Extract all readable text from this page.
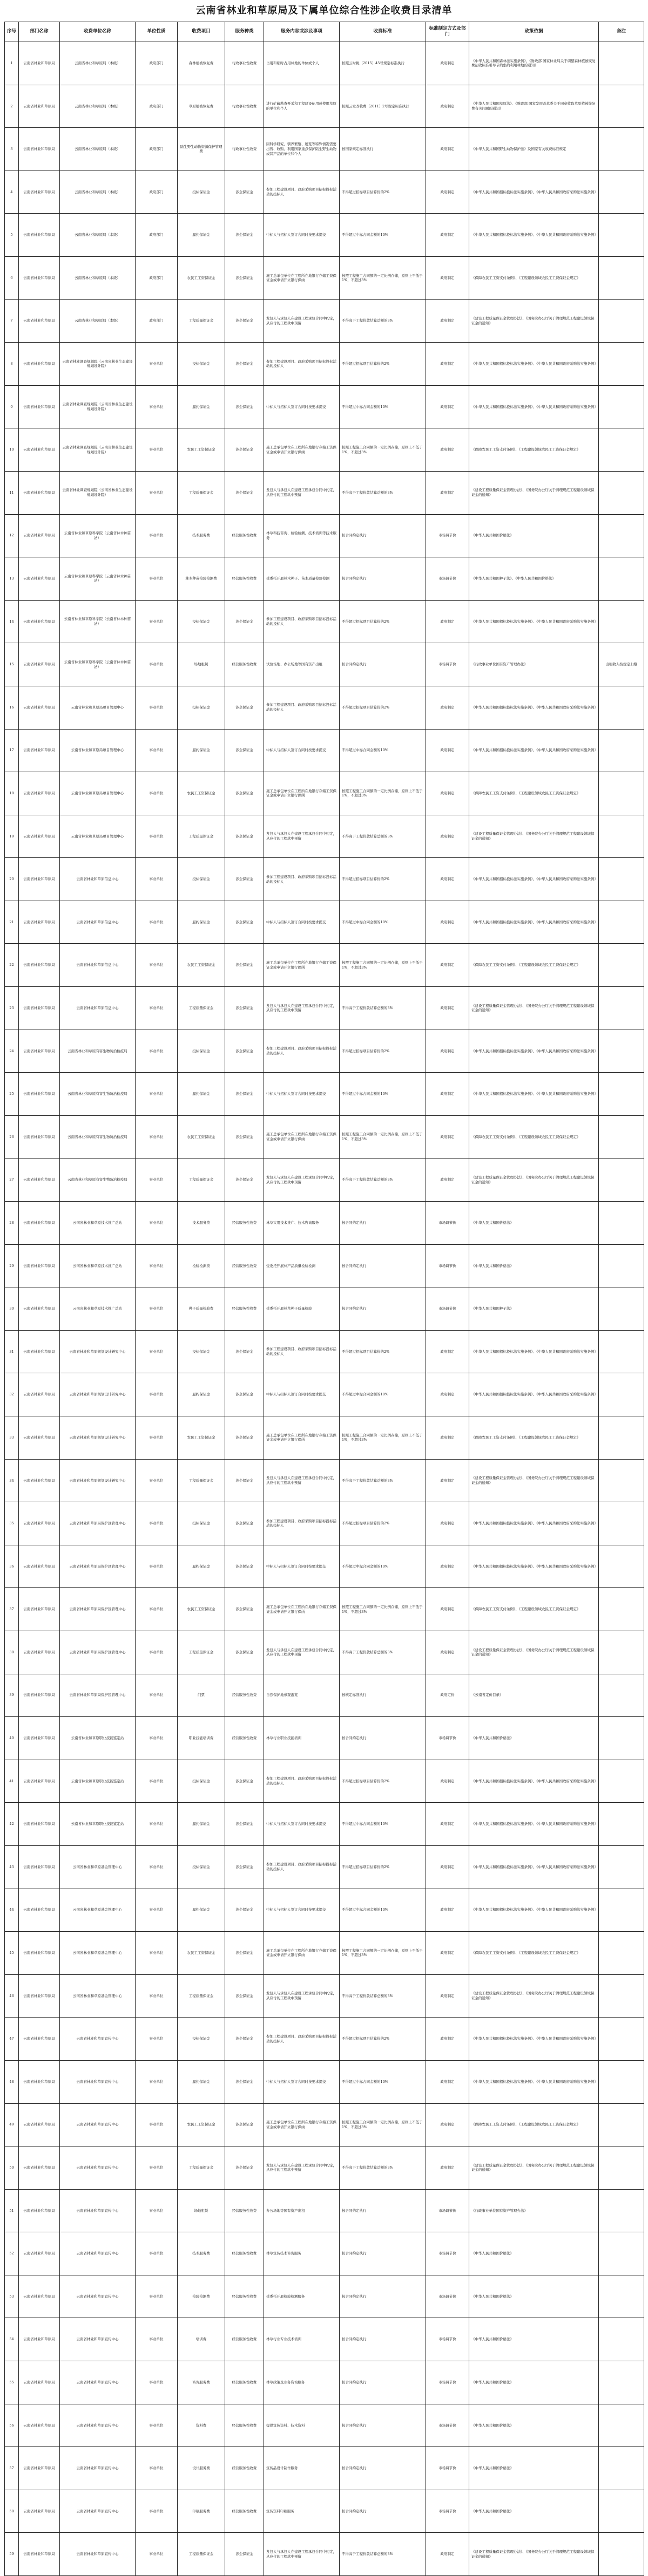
云南省林业和草原局及下属单位综合性涉企收费目录清单
序号	部门名称	收费单位名称	单位性质	收费项目	服务种类	服务内容或涉及事项	收费标准	标准制定方式及部门	政策依据	备注
1	云南省林业和草原局	云南省林业和草原局（本级）	政府部门	森林植被恢复费	行政事业性收费	占用和临时占用林地的单位或个人	按照云财税〔2015〕45号规定标准执行	政府制定	《中华人民共和国森林法实施条例》、《财政部 国家林业局关于调整森林植被恢复费征收标准引导节约集约利用林地的通知》	
2	云南省林业和草原局	云南省林业和草原局（本级）	政府部门	草原植被恢复费	行政事业性收费	进行矿藏勘查开采和工程建设征用或使用草原的单位和个人	按照云发改收费〔2011〕2号规定标准执行	政府制定	《中华人民共和国草原法》、《财政部 国家发展改革委关于同意收取草原植被恢复费有关问题的通知》	
3	云南省林业和草原局	云南省林业和草原局（本级）	政府部门	陆生野生动物资源保护管理费	行政事业性收费	因科学研究、驯养繁殖、展览等特殊情况需要出售、收购、利用国家重点保护陆生野生动物或其产品的单位和个人	按国家规定标准执行	政府制定	《中华人民共和国野生动物保护法》及国家有关收费标准规定	
4	云南省林业和草原局	云南省林业和草原局（本级）	政府部门	投标保证金	涉企保证金	参加工程建设项目、政府采购项目招标投标活动的投标人	不得超过招标项目估算价的2%	政府制定	《中华人民共和国招标投标法实施条例》、《中华人民共和国政府采购法实施条例》	
5	云南省林业和草原局	云南省林业和草原局（本级）	政府部门	履约保证金	涉企保证金	中标人与招标人签订合同时按要求提交	不得超过中标合同金额的10%	政府制定	《中华人民共和国招标投标法实施条例》、《中华人民共和国政府采购法实施条例》	
6	云南省林业和草原局	云南省林业和草原局（本级）	政府部门	农民工工资保证金	涉企保证金	施工总承包单位在工程所在地银行存储工资保证金或申请开立银行保函	按照工程施工合同额的一定比例存储，原则上不低于1%，不超过3%	政府制定	《保障农民工工资支付条例》、《工程建设领域农民工工资保证金规定》	
7	云南省林业和草原局	云南省林业和草原局（本级）	政府部门	工程质量保证金	涉企保证金	发包人与承包人在建设工程承包合同中约定，从应付的工程款中预留	不得高于工程价款结算总额的3%	政府制定	《建设工程质量保证金管理办法》、《国务院办公厅关于清理规范工程建设领域保证金的通知》	
8	云南省林业和草原局	云南省林业调查规划院（云南省林业生态建设规划设计院）	事业单位	投标保证金	涉企保证金	参加工程建设项目、政府采购项目招标投标活动的投标人	不得超过招标项目估算价的2%	政府制定	《中华人民共和国招标投标法实施条例》、《中华人民共和国政府采购法实施条例》	
9	云南省林业和草原局	云南省林业调查规划院（云南省林业生态建设规划设计院）	事业单位	履约保证金	涉企保证金	中标人与招标人签订合同时按要求提交	不得超过中标合同金额的10%	政府制定	《中华人民共和国招标投标法实施条例》、《中华人民共和国政府采购法实施条例》	
10	云南省林业和草原局	云南省林业调查规划院（云南省林业生态建设规划设计院）	事业单位	农民工工资保证金	涉企保证金	施工总承包单位在工程所在地银行存储工资保证金或申请开立银行保函	按照工程施工合同额的一定比例存储，原则上不低于1%，不超过3%	政府制定	《保障农民工工资支付条例》、《工程建设领域农民工工资保证金规定》	
11	云南省林业和草原局	云南省林业调查规划院（云南省林业生态建设规划设计院）	事业单位	工程质量保证金	涉企保证金	发包人与承包人在建设工程承包合同中约定，从应付的工程款中预留	不得高于工程价款结算总额的3%	政府制定	《建设工程质量保证金管理办法》、《国务院办公厅关于清理规范工程建设领域保证金的通知》	
12	云南省林业和草原局	云南省林业和草原科学院（云南省林木种苗站）	事业单位	技术服务费	经营服务性收费	林草科技咨询、检验检测、技术培训等技术服务	按合同约定执行	市场调节价	《中华人民共和国价格法》	
13	云南省林业和草原局	云南省林业和草原科学院（云南省林木种苗站）	事业单位	林木种苗检验检测费	经营服务性收费	受委托开展林木种子、苗木质量检验检测	按合同约定执行	市场调节价	《中华人民共和国种子法》、《中华人民共和国价格法》	
14	云南省林业和草原局	云南省林业和草原科学院（云南省林木种苗站）	事业单位	投标保证金	涉企保证金	参加工程建设项目、政府采购项目招标投标活动的投标人	不得超过招标项目估算价的2%	政府制定	《中华人民共和国招标投标法实施条例》、《中华人民共和国政府采购法实施条例》	
15	云南省林业和草原局	云南省林业和草原科学院（云南省林木种苗站）	事业单位	场地租赁	经营服务性收费	试验场地、办公场地等国有资产出租	按合同约定执行	市场调节价	《行政事业单位国有资产管理办法》	出租收入按规定上缴
16	云南省林业和草原局	云南省林业和草原局项目管理中心	事业单位	投标保证金	涉企保证金	参加工程建设项目、政府采购项目招标投标活动的投标人	不得超过招标项目估算价的2%	政府制定	《中华人民共和国招标投标法实施条例》、《中华人民共和国政府采购法实施条例》	
17	云南省林业和草原局	云南省林业和草原局项目管理中心	事业单位	履约保证金	涉企保证金	中标人与招标人签订合同时按要求提交	不得超过中标合同金额的10%	政府制定	《中华人民共和国招标投标法实施条例》、《中华人民共和国政府采购法实施条例》	
18	云南省林业和草原局	云南省林业和草原局项目管理中心	事业单位	农民工工资保证金	涉企保证金	施工总承包单位在工程所在地银行存储工资保证金或申请开立银行保函	按照工程施工合同额的一定比例存储，原则上不低于1%，不超过3%	政府制定	《保障农民工工资支付条例》、《工程建设领域农民工工资保证金规定》	
19	云南省林业和草原局	云南省林业和草原局项目管理中心	事业单位	工程质量保证金	涉企保证金	发包人与承包人在建设工程承包合同中约定，从应付的工程款中预留	不得高于工程价款结算总额的3%	政府制定	《建设工程质量保证金管理办法》、《国务院办公厅关于清理规范工程建设领域保证金的通知》	
20	云南省林业和草原局	云南省林业和草原信息中心	事业单位	投标保证金	涉企保证金	参加工程建设项目、政府采购项目招标投标活动的投标人	不得超过招标项目估算价的2%	政府制定	《中华人民共和国招标投标法实施条例》、《中华人民共和国政府采购法实施条例》	
21	云南省林业和草原局	云南省林业和草原信息中心	事业单位	履约保证金	涉企保证金	中标人与招标人签订合同时按要求提交	不得超过中标合同金额的10%	政府制定	《中华人民共和国招标投标法实施条例》、《中华人民共和国政府采购法实施条例》	
22	云南省林业和草原局	云南省林业和草原信息中心	事业单位	农民工工资保证金	涉企保证金	施工总承包单位在工程所在地银行存储工资保证金或申请开立银行保函	按照工程施工合同额的一定比例存储，原则上不低于1%，不超过3%	政府制定	《保障农民工工资支付条例》、《工程建设领域农民工工资保证金规定》	
23	云南省林业和草原局	云南省林业和草原信息中心	事业单位	工程质量保证金	涉企保证金	发包人与承包人在建设工程承包合同中约定，从应付的工程款中预留	不得高于工程价款结算总额的3%	政府制定	《建设工程质量保证金管理办法》、《国务院办公厅关于清理规范工程建设领域保证金的通知》	
24	云南省林业和草原局	云南省林业和草原有害生物防治检疫局	事业单位	投标保证金	涉企保证金	参加工程建设项目、政府采购项目招标投标活动的投标人	不得超过招标项目估算价的2%	政府制定	《中华人民共和国招标投标法实施条例》、《中华人民共和国政府采购法实施条例》	
25	云南省林业和草原局	云南省林业和草原有害生物防治检疫局	事业单位	履约保证金	涉企保证金	中标人与招标人签订合同时按要求提交	不得超过中标合同金额的10%	政府制定	《中华人民共和国招标投标法实施条例》、《中华人民共和国政府采购法实施条例》	
26	云南省林业和草原局	云南省林业和草原有害生物防治检疫局	事业单位	农民工工资保证金	涉企保证金	施工总承包单位在工程所在地银行存储工资保证金或申请开立银行保函	按照工程施工合同额的一定比例存储，原则上不低于1%，不超过3%	政府制定	《保障农民工工资支付条例》、《工程建设领域农民工工资保证金规定》	
27	云南省林业和草原局	云南省林业和草原有害生物防治检疫局	事业单位	工程质量保证金	涉企保证金	发包人与承包人在建设工程承包合同中约定，从应付的工程款中预留	不得高于工程价款结算总额的3%	政府制定	《建设工程质量保证金管理办法》、《国务院办公厅关于清理规范工程建设领域保证金的通知》	
28	云南省林业和草原局	云南省林业和草原技术推广总站	事业单位	技术服务费	经营服务性收费	林草实用技术推广、技术咨询服务	按合同约定执行	市场调节价	《中华人民共和国价格法》	
29	云南省林业和草原局	云南省林业和草原技术推广总站	事业单位	检验检测费	经营服务性收费	受委托开展林产品质量检验检测	按合同约定执行	市场调节价	《中华人民共和国价格法》	
30	云南省林业和草原局	云南省林业和草原技术推广总站	事业单位	种子质量检验费	经营服务性收费	受委托开展林草种子质量检验	按合同约定执行	市场调节价	《中华人民共和国种子法》	
31	云南省林业和草原局	云南省林业和草原规划设计研究中心	事业单位	投标保证金	涉企保证金	参加工程建设项目、政府采购项目招标投标活动的投标人	不得超过招标项目估算价的2%	政府制定	《中华人民共和国招标投标法实施条例》、《中华人民共和国政府采购法实施条例》	
32	云南省林业和草原局	云南省林业和草原规划设计研究中心	事业单位	履约保证金	涉企保证金	中标人与招标人签订合同时按要求提交	不得超过中标合同金额的10%	政府制定	《中华人民共和国招标投标法实施条例》、《中华人民共和国政府采购法实施条例》	
33	云南省林业和草原局	云南省林业和草原规划设计研究中心	事业单位	农民工工资保证金	涉企保证金	施工总承包单位在工程所在地银行存储工资保证金或申请开立银行保函	按照工程施工合同额的一定比例存储，原则上不低于1%，不超过3%	政府制定	《保障农民工工资支付条例》、《工程建设领域农民工工资保证金规定》	
34	云南省林业和草原局	云南省林业和草原规划设计研究中心	事业单位	工程质量保证金	涉企保证金	发包人与承包人在建设工程承包合同中约定，从应付的工程款中预留	不得高于工程价款结算总额的3%	政府制定	《建设工程质量保证金管理办法》、《国务院办公厅关于清理规范工程建设领域保证金的通知》	
35	云南省林业和草原局	云南省林业和草原局保护区管理中心	事业单位	投标保证金	涉企保证金	参加工程建设项目、政府采购项目招标投标活动的投标人	不得超过招标项目估算价的2%	政府制定	《中华人民共和国招标投标法实施条例》、《中华人民共和国政府采购法实施条例》	
36	云南省林业和草原局	云南省林业和草原局保护区管理中心	事业单位	履约保证金	涉企保证金	中标人与招标人签订合同时按要求提交	不得超过中标合同金额的10%	政府制定	《中华人民共和国招标投标法实施条例》、《中华人民共和国政府采购法实施条例》	
37	云南省林业和草原局	云南省林业和草原局保护区管理中心	事业单位	农民工工资保证金	涉企保证金	施工总承包单位在工程所在地银行存储工资保证金或申请开立银行保函	按照工程施工合同额的一定比例存储，原则上不低于1%，不超过3%	政府制定	《保障农民工工资支付条例》、《工程建设领域农民工工资保证金规定》	
38	云南省林业和草原局	云南省林业和草原局保护区管理中心	事业单位	工程质量保证金	涉企保证金	发包人与承包人在建设工程承包合同中约定，从应付的工程款中预留	不得高于工程价款结算总额的3%	政府制定	《建设工程质量保证金管理办法》、《国务院办公厅关于清理规范工程建设领域保证金的通知》	
39	云南省林业和草原局	云南省林业和草原局保护区管理中心	事业单位	门票	经营服务性收费	自然保护地参观游览	按核定标准执行	政府定价	《云南省定价目录》	
40	云南省林业和草原局	云南省林业和草原职业技能鉴定站	事业单位	职业技能培训费	经营服务性收费	林草行业职业技能培训	按合同约定执行	市场调节价	《中华人民共和国价格法》	
41	云南省林业和草原局	云南省林业和草原职业技能鉴定站	事业单位	投标保证金	涉企保证金	参加工程建设项目、政府采购项目招标投标活动的投标人	不得超过招标项目估算价的2%	政府制定	《中华人民共和国招标投标法实施条例》、《中华人民共和国政府采购法实施条例》	
42	云南省林业和草原局	云南省林业和草原职业技能鉴定站	事业单位	履约保证金	涉企保证金	中标人与招标人签订合同时按要求提交	不得超过中标合同金额的10%	政府制定	《中华人民共和国招标投标法实施条例》、《中华人民共和国政府采购法实施条例》	
43	云南省林业和草原局	云南省林业和草原基金管理中心	事业单位	投标保证金	涉企保证金	参加工程建设项目、政府采购项目招标投标活动的投标人	不得超过招标项目估算价的2%	政府制定	《中华人民共和国招标投标法实施条例》、《中华人民共和国政府采购法实施条例》	
44	云南省林业和草原局	云南省林业和草原基金管理中心	事业单位	履约保证金	涉企保证金	中标人与招标人签订合同时按要求提交	不得超过中标合同金额的10%	政府制定	《中华人民共和国招标投标法实施条例》、《中华人民共和国政府采购法实施条例》	
45	云南省林业和草原局	云南省林业和草原基金管理中心	事业单位	农民工工资保证金	涉企保证金	施工总承包单位在工程所在地银行存储工资保证金或申请开立银行保函	按照工程施工合同额的一定比例存储，原则上不低于1%，不超过3%	政府制定	《保障农民工工资支付条例》、《工程建设领域农民工工资保证金规定》	
46	云南省林业和草原局	云南省林业和草原基金管理中心	事业单位	工程质量保证金	涉企保证金	发包人与承包人在建设工程承包合同中约定，从应付的工程款中预留	不得高于工程价款结算总额的3%	政府制定	《建设工程质量保证金管理办法》、《国务院办公厅关于清理规范工程建设领域保证金的通知》	
47	云南省林业和草原局	云南省林业和草原宣传中心	事业单位	投标保证金	涉企保证金	参加工程建设项目、政府采购项目招标投标活动的投标人	不得超过招标项目估算价的2%	政府制定	《中华人民共和国招标投标法实施条例》、《中华人民共和国政府采购法实施条例》	
48	云南省林业和草原局	云南省林业和草原宣传中心	事业单位	履约保证金	涉企保证金	中标人与招标人签订合同时按要求提交	不得超过中标合同金额的10%	政府制定	《中华人民共和国招标投标法实施条例》、《中华人民共和国政府采购法实施条例》	
49	云南省林业和草原局	云南省林业和草原宣传中心	事业单位	农民工工资保证金	涉企保证金	施工总承包单位在工程所在地银行存储工资保证金或申请开立银行保函	按照工程施工合同额的一定比例存储，原则上不低于1%，不超过3%	政府制定	《保障农民工工资支付条例》、《工程建设领域农民工工资保证金规定》	
50	云南省林业和草原局	云南省林业和草原宣传中心	事业单位	工程质量保证金	涉企保证金	发包人与承包人在建设工程承包合同中约定，从应付的工程款中预留	不得高于工程价款结算总额的3%	政府制定	《建设工程质量保证金管理办法》、《国务院办公厅关于清理规范工程建设领域保证金的通知》	
51	云南省林业和草原局	云南省林业和草原宣传中心	事业单位	场地租赁	经营服务性收费	办公场地等国有资产出租	按合同约定执行	市场调节价	《行政事业单位国有资产管理办法》	
52	云南省林业和草原局	云南省林业和草原宣传中心	事业单位	技术服务费	经营服务性收费	林草宣传技术咨询服务	按合同约定执行	市场调节价	《中华人民共和国价格法》	
53	云南省林业和草原局	云南省林业和草原宣传中心	事业单位	检验检测费	经营服务性收费	受委托开展检验检测服务	按合同约定执行	市场调节价	《中华人民共和国价格法》	
54	云南省林业和草原局	云南省林业和草原宣传中心	事业单位	培训费	经营服务性收费	林草行业专业技术培训	按合同约定执行	市场调节价	《中华人民共和国价格法》	
55	云南省林业和草原局	云南省林业和草原宣传中心	事业单位	咨询服务费	经营服务性收费	林草政策及业务咨询服务	按合同约定执行	市场调节价	《中华人民共和国价格法》	
56	云南省林业和草原局	云南省林业和草原宣传中心	事业单位	资料费	经营服务性收费	提供宣传资料、技术资料	按合同约定执行	市场调节价	《中华人民共和国价格法》	
57	云南省林业和草原局	云南省林业和草原宣传中心	事业单位	设计服务费	经营服务性收费	宣传品设计制作服务	按合同约定执行	市场调节价	《中华人民共和国价格法》	
58	云南省林业和草原局	云南省林业和草原宣传中心	事业单位	印刷服务费	经营服务性收费	宣传资料印刷服务	按合同约定执行	市场调节价	《中华人民共和国价格法》	
59	云南省林业和草原局	云南省林业和草原宣传中心	事业单位	工程质量保证金	涉企保证金	发包人与承包人在建设工程承包合同中约定，从应付的工程款中预留	不得高于工程价款结算总额的3%	政府制定	《建设工程质量保证金管理办法》、《国务院办公厅关于清理规范工程建设领域保证金的通知》	
